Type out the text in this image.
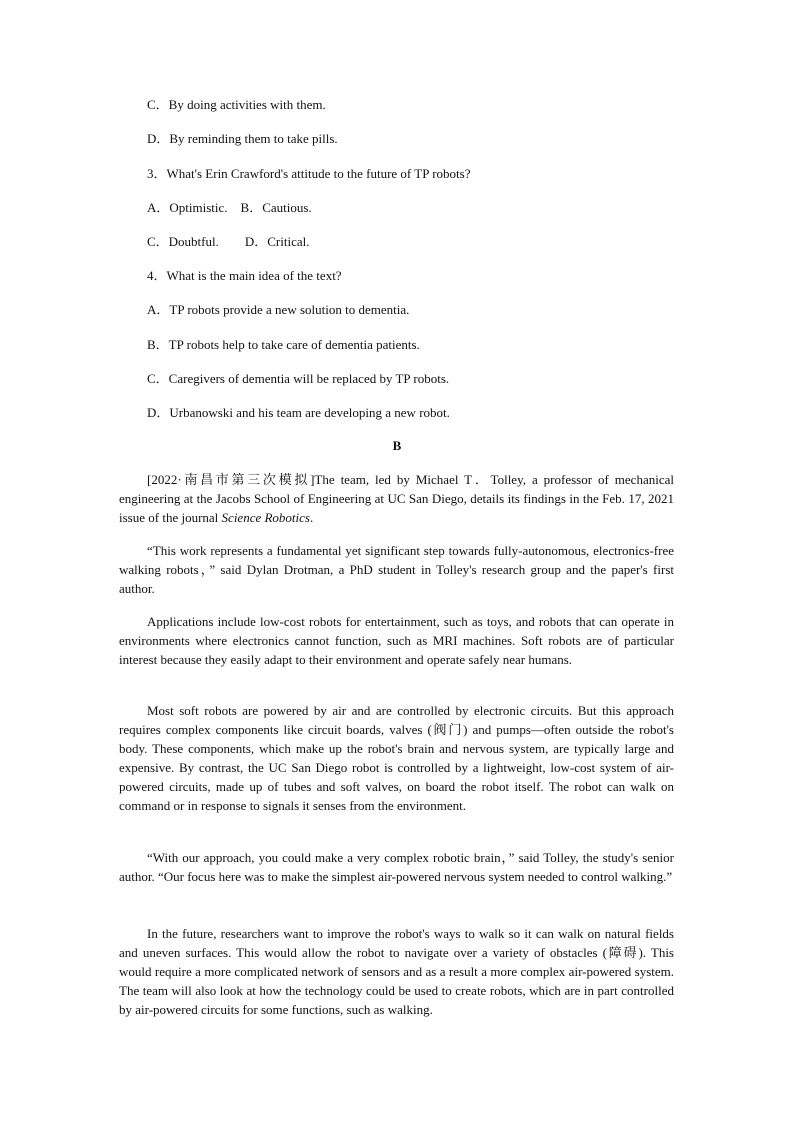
C．By doing activities with them.
D．By reminding them to take pills.
3．What's Erin Crawford's attitude to the future of TP robots?
A．Optimistic.    B．Cautious.
C．Doubtful.        D．Critical.
4．What is the main idea of the text?
A．TP robots provide a new solution to dementia.
B．TP robots help to take care of dementia patients.
C．Caregivers of dementia will be replaced by TP robots.
D．Urbanowski and his team are developing a new robot.
B
[2022·南昌市第三次模拟]The team, led by Michael T．Tolley, a professor of mechanical engineering at the Jacobs School of Engineering at UC San Diego, details its findings in the Feb. 17, 2021 issue of the journal Science Robotics.
“This work represents a fundamental yet significant step towards fully-autonomous, electronics-free walking robots，” said Dylan Drotman, a PhD student in Tolley's research group and the paper's first author.
Applications include low-cost robots for entertainment, such as toys, and robots that can operate in environments where electronics cannot function, such as MRI machines. Soft robots are of particular interest because they easily adapt to their environment and operate safely near humans.
Most soft robots are powered by air and are controlled by electronic circuits. But this approach requires complex components like circuit boards, valves (阀门) and pumps—often outside the robot's body. These components, which make up the robot's brain and nervous system, are typically large and expensive. By contrast, the UC San Diego robot is controlled by a lightweight, low-cost system of air-powered circuits, made up of tubes and soft valves, on board the robot itself. The robot can walk on command or in response to signals it senses from the environment.
“With our approach, you could make a very complex robotic brain，” said Tolley, the study's senior author. “Our focus here was to make the simplest air-powered nervous system needed to control walking.”
In the future, researchers want to improve the robot's ways to walk so it can walk on natural fields and uneven surfaces. This would allow the robot to navigate over a variety of obstacles (障碍). This would require a more complicated network of sensors and as a result a more complex air-powered system. The team will also look at how the technology could be used to create robots, which are in part controlled by air-powered circuits for some functions, such as walking.
